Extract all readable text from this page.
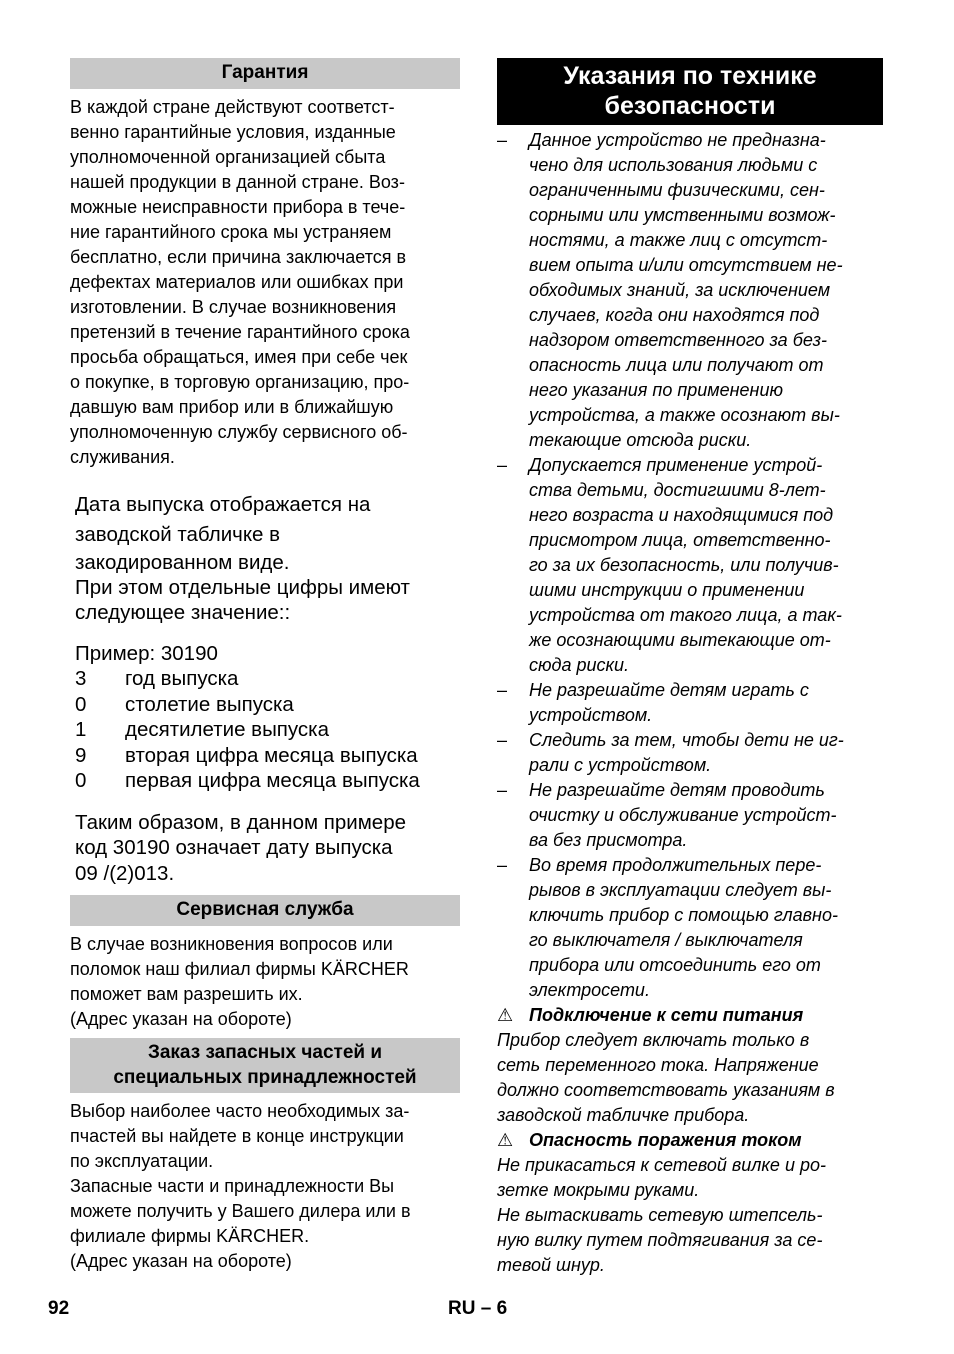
Гарантия
В каждой стране действуют соответст-
венно гарантийные условия, изданные
уполномоченной организацией сбыта
нашей продукции в данной стране. Воз-
можные неисправности прибора в тече-
ние гарантийного срока мы устраняем
бесплатно, если причина заключается в
дефектах материалов или ошибках при
изготовлении. В случае возникновения
претензий в течение гарантийного срока
просьба обращаться, имея при себе чек
о покупке, в торговую организацию, про-
давшую вам прибор или в ближайшую
уполномоченную службу сервисного об-
служивания.
Дата выпуска отображается на
заводской табличке в
закодированном виде.
При этом отдельные цифры имеют
следующее значение::
Пример: 30190
3	год выпуска
0	столетие выпуска
1	десятилетие выпуска
9	вторая цифра месяца выпуска
0	первая цифра месяца выпуска
Таким образом, в данном примере
код 30190 означает дату выпуска
09 /(2)013.
Сервисная служба
В случае возникновения вопросов или
поломок наш филиал фирмы KÄRCHER
поможет вам разрешить их.
(Адрес указан на обороте)
Заказ запасных частей и
специальных принадлежностей
Выбор наиболее часто необходимых за-
пчастей вы найдете в конце инструкции
по эксплуатации.
Запасные части и принадлежности Вы
можете получить у Вашего дилера или в
филиале фирмы KÄRCHER.
(Адрес указан на обороте)
Указания по технике
безопасности
– Данное устройство не предназна-
чено для использования людьми с
ограниченными физическими, сен-
сорными или умственными возмож-
ностями, а также лиц с отсутст-
вием опыта и/или отсутствием не-
обходимых знаний, за исключением
случаев, когда они находятся под
надзором ответственного за без-
опасность лица или получают от
него указания по применению
устройства, а также осознают вы-
текающие отсюда риски.
– Допускается применение устрой-
ства детьми, достигшими 8-лет-
него возраста и находящимися под
присмотром лица, ответственно-
го за их безопасность, или получив-
шими инструкции о применении
устройства от такого лица, а так-
же осознающими вытекающие от-
сюда риски.
– Не разрешайте детям играть с
устройством.
– Следить за тем, чтобы дети не иг-
рали с устройством.
– Не разрешайте детям проводить
очистку и обслуживание устройст-
ва без присмотра.
– Во время продолжительных пере-
рывов в эксплуатации следует вы-
ключить прибор с помощью главно-
го выключателя / выключателя
прибора или отсоединить его от
электросети.
⚠ Подключение к сети питания
Прибор следует включать только в
сеть переменного тока. Напряжение
должно соответствовать указаниям в
заводской табличке прибора.
⚠ Опасность поражения током
Не прикасаться к сетевой вилке и ро-
зетке мокрыми руками.
Не вытаскивать сетевую штепсель-
ную вилку путем подтягивания за се-
тевой шнур.
92	RU – 6
